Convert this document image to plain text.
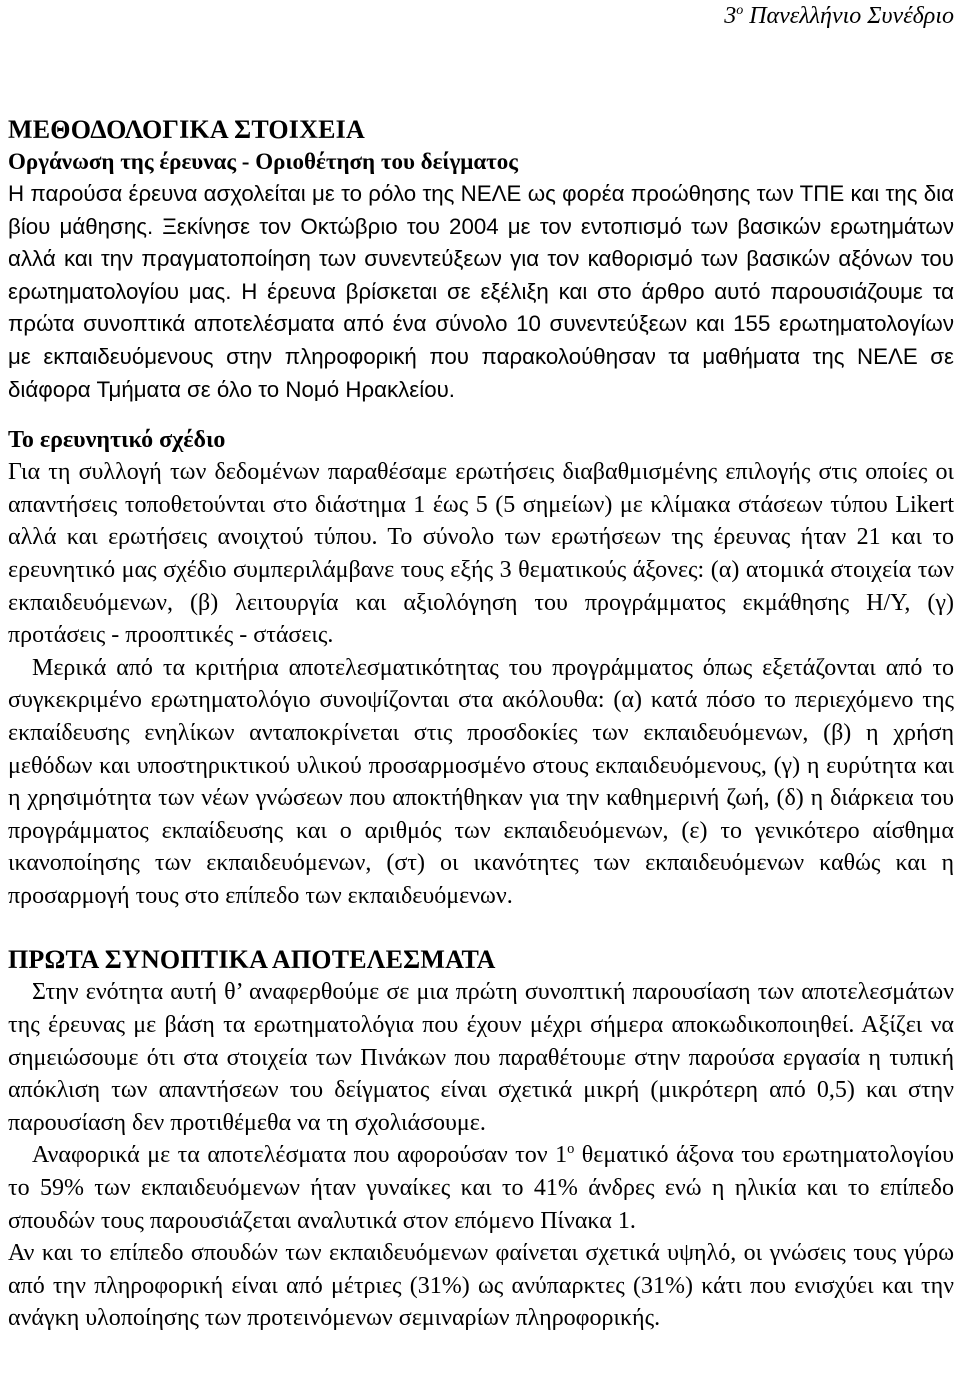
$3^o$ Πανελλήνιο Συνέδριο
ΜΕΘΟΔΟΛΟΓΙΚΑ ΣΤΟΙΧΕΙΑ
Οργάνωση της έρευνας - Οριοθέτηση του δείγματος

Η παρούσα έρευνα ασχολείται με το ρόλο της ΝΕΛΕ ως φορέα προώθησης των ΤΠΕ και της δια βίου μάθησης. Ξεκίνησε τον Οκτώβριο του 2004 με τον εντοπισμό των βασικών ερωτημάτων αλλά και την πραγματοποίηση των συνεντεύξεων για τον καθορισμό των βασικών αξόνων του ερωτηματολογίου μας. Η έρευνα βρίσκεται σε εξέλιξη και στο άρθρο αυτό παρουσιάζουμε τα πρώτα συνοπτικά αποτελέσματα από ένα σύνολο 10 συνεντεύξεων και 155 ερωτηματολογίων με εκπαιδευόμενους στην πληροφορική που παρακολούθησαν τα μαθήματα της ΝΕΛΕ σε διάφορα Τμήματα σε όλο το Νομό Ηρακλείου.

Το ερευνητικό σχέδιο

Για τη συλλογή των δεδομένων παραθέσαμε ερωτήσεις διαβαθμισμένης επιλογής στις οποίες οι απαντήσεις τοποθετούνται στο διάστημα 1 έως 5 (5 σημείων) με κλίμακα στάσεων τύπου Likert αλλά και ερωτήσεις ανοιχτού τύπου. Το σύνολο των ερωτήσεων της έρευνας ήταν 21 και το ερευνητικό μας σχέδιο συμπεριλάμβανε τους εξής 3 θεματικούς άξονες: (α) ατομικά στοιχεία των εκπαιδευόμενων, (β) λειτουργία και αξιολόγηση του προγράμματος εκμάθησης Η/Υ, (γ) προτάσεις - προοπτικές - στάσεις.

Μερικά από τα κριτήρια αποτελεσματικότητας του προγράμματος όπως εξετάζονται από το συγκεκριμένο ερωτηματολόγιο συνοψίζονται στα ακόλουθα: (α) κατά πόσο το περιεχόμενο της εκπαίδευσης ενηλίκων ανταποκρίνεται στις προσδοκίες των εκπαιδευόμενων, (β) η χρήση μεθόδων και υποστηρικτικού υλικού προσαρμοσμένο στους εκπαιδευόμενους, (γ) η ευρύτητα και η χρησιμότητα των νέων γνώσεων που αποκτήθηκαν για την καθημερινή ζωή, (δ) η διάρκεια του προγράμματος εκπαίδευσης και ο αριθμός των εκπαιδευόμενων, (ε) το γενικότερο αίσθημα ικανοποίησης των εκπαιδευόμενων, (στ) οι ικανότητες των εκπαιδευόμενων καθώς και η προσαρμογή τους στο επίπεδο των εκπαιδευόμενων.

ΠΡΩΤΑ ΣΥΝΟΠΤΙΚΑ ΑΠΟΤΕΛΕΣΜΑΤΑ

Στην ενότητα αυτή θ’ αναφερθούμε σε μια πρώτη συνοπτική παρουσίαση των αποτελεσμάτων της έρευνας με βάση τα ερωτηματολόγια που έχουν μέχρι σήμερα αποκωδικοποιηθεί. Αξίζει να σημειώσουμε ότι στα στοιχεία των Πινάκων που παραθέτουμε στην παρούσα εργασία η τυπική απόκλιση των απαντήσεων του δείγματος είναι σχετικά μικρή (μικρότερη από 0,5) και στην παρουσίαση δεν προτιθέμεθα να τη σχολιάσουμε.

Αναφορικά με τα αποτελέσματα που αφορούσαν τον $1^o$ θεματικό άξονα του ερωτηματολογίου το 59% των εκπαιδευόμενων ήταν γυναίκες και το 41% άνδρες ενώ η ηλικία και το επίπεδο σπουδών τους παρουσιάζεται αναλυτικά στον επόμενο Πίνακα 1.

Αν και το επίπεδο σπουδών των εκπαιδευόμενων φαίνεται σχετικά υψηλό, οι γνώσεις τους γύρω από την πληροφορική είναι από μέτριες (31%) ως ανύπαρκτες (31%) κάτι που ενισχύει και την ανάγκη υλοποίησης των προτεινόμενων σεμιναρίων πληροφορικής.
